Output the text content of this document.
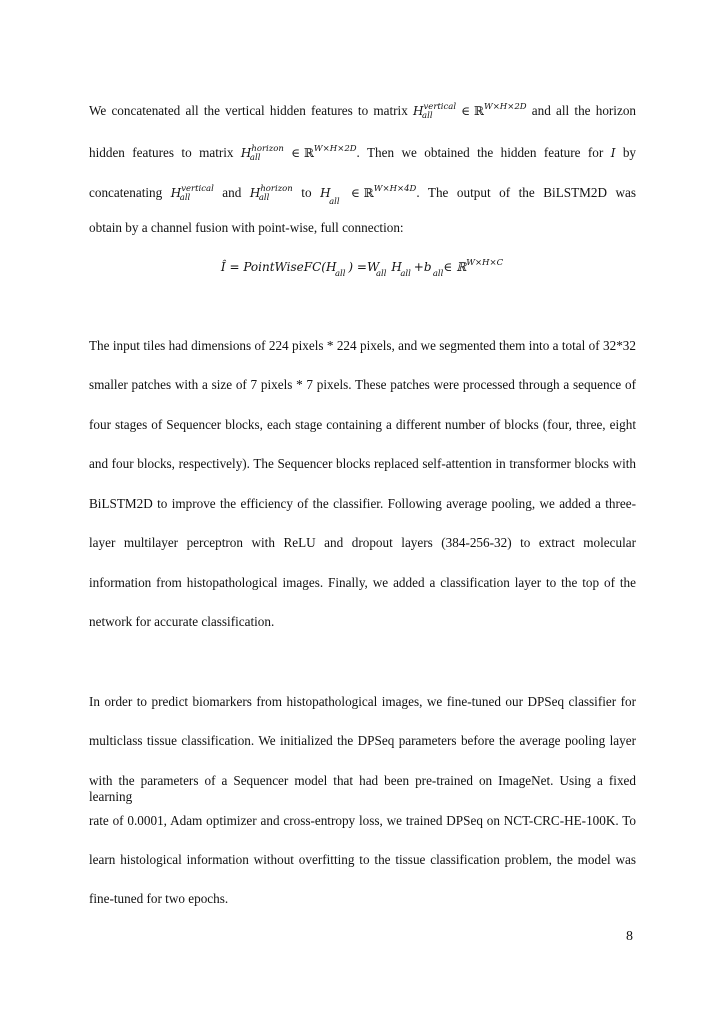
We concatenated all the vertical hidden features to matrix $H^{vertical}$
all ∈ ℝ$^{W\times H\times 2D}$ and all the horizon
hidden features to matrix $H^{horizon}$
all	∈ ℝ$^{W\times H\times 2D}$. Then we obtained the hidden feature for I by
concatenating $H^{vertical}$
all and $H^{horizon}$
all to H
all
∈ ℝ$^{W\times H\times 4D}$. The output of the BiLSTM2D was
obtain by a channel fusion with point-wise, full connection:
Î = PointWiseFC(H
all ) =W
all H
all +b all ∈ ℝ$^{W\times H\times C}$
The input tiles had dimensions of 224 pixels * 224 pixels, and we segmented them into a total of 32*32
smaller patches with a size of 7 pixels * 7 pixels. These patches were processed through a sequence of
four stages of Sequencer blocks, each stage containing a different number of blocks (four, three, eight
and four blocks, respectively). The Sequencer blocks replaced self-attention in transformer blocks with
BiLSTM2D to improve the efficiency of the classifier. Following average pooling, we added a three-
layer multilayer perceptron with ReLU and dropout layers (384-256-32) to extract molecular
information from histopathological images. Finally, we added a classification layer to the top of the
network for accurate classification.
In order to predict biomarkers from histopathological images, we fine-tuned our DPSeq classifier for
multiclass tissue classification. We initialized the DPSeq parameters before the average pooling layer
with the parameters of a Sequencer model that had been pre-trained on ImageNet. Using a fixed learning
rate of 0.0001, Adam optimizer and cross-entropy loss, we trained DPSeq on NCT-CRC-HE-100K. To
learn histological information without overfitting to the tissue classification problem, the model was
fine-tuned for two epochs.
8
